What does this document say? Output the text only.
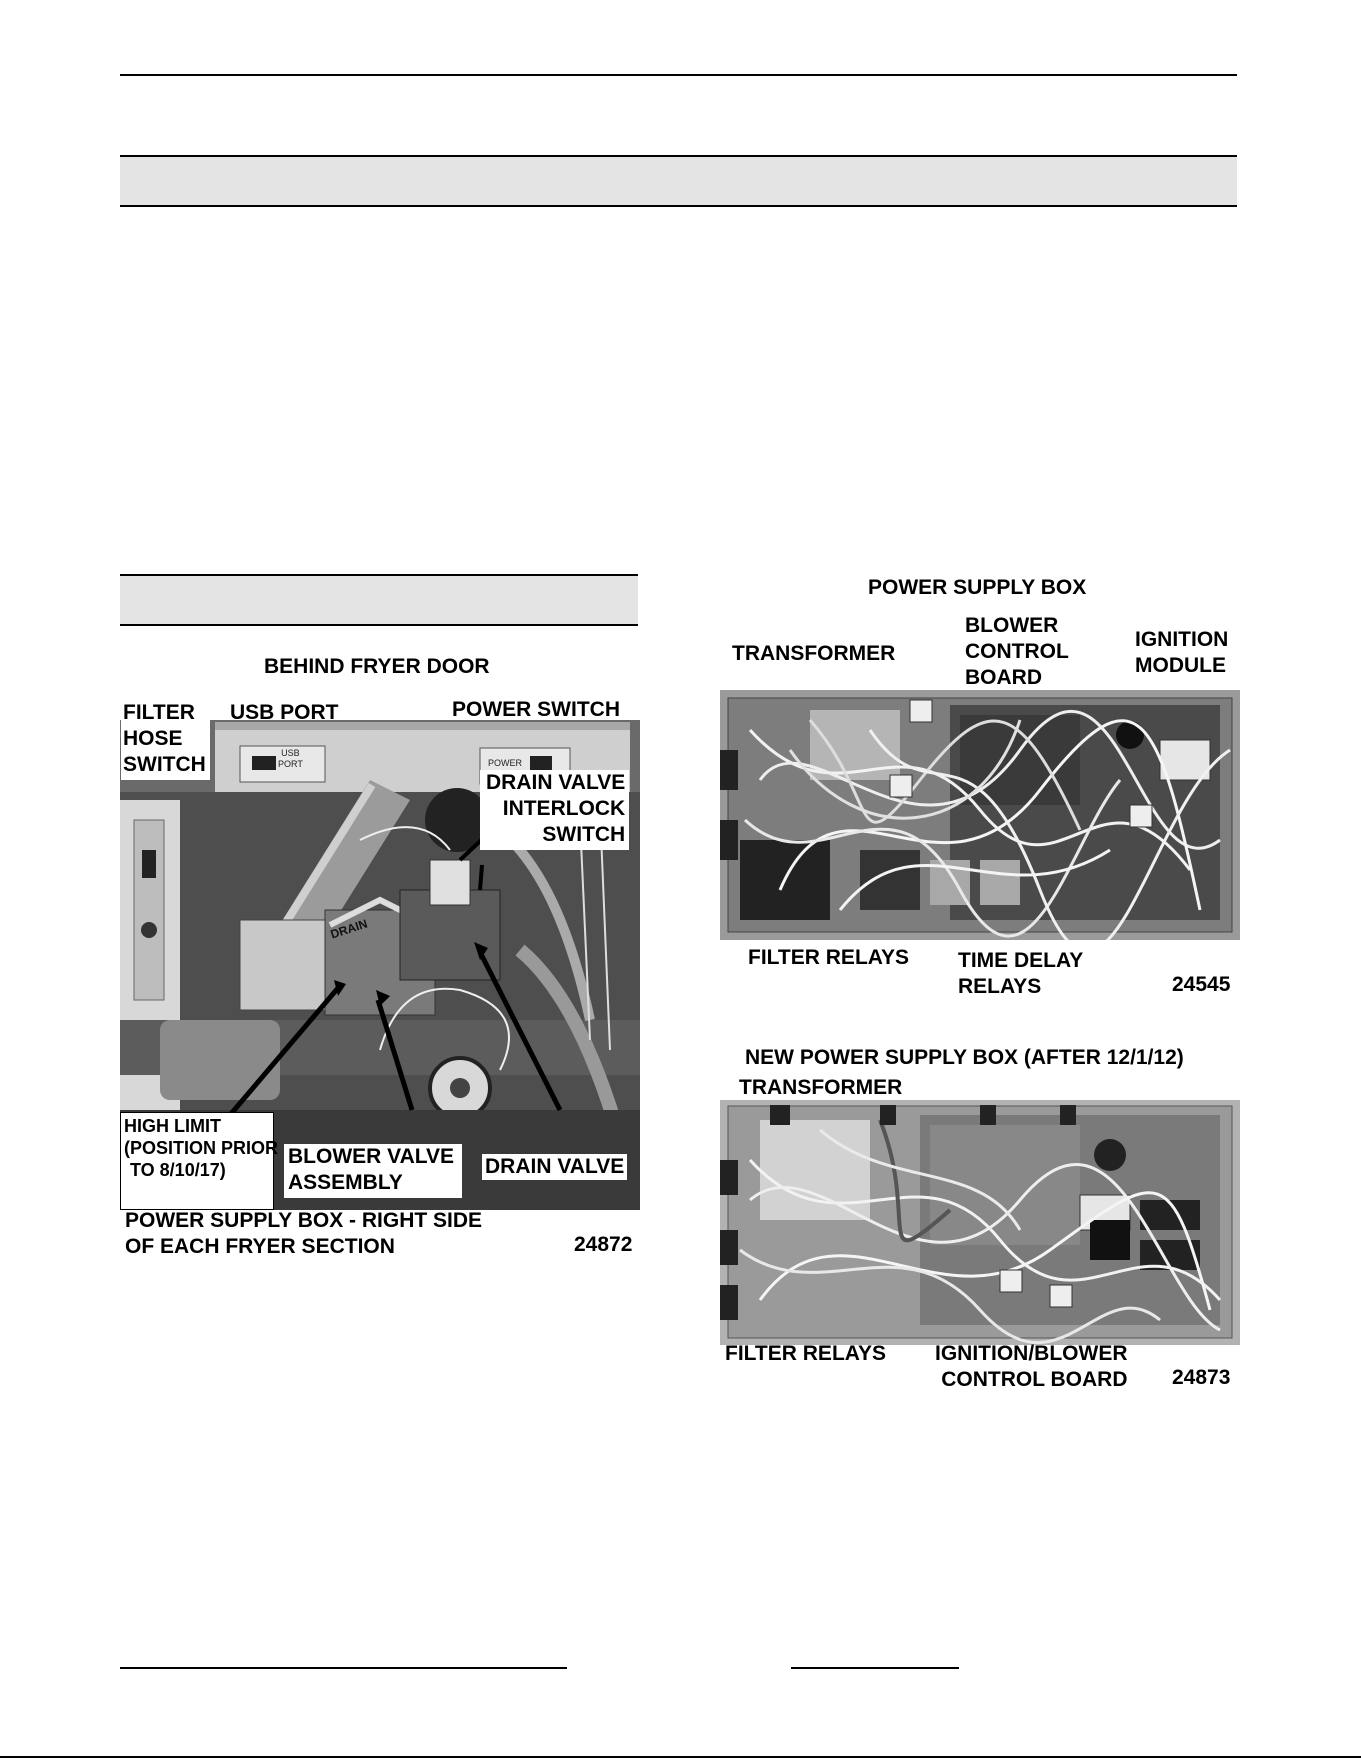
BEHIND FRYER DOOR
USB
PORT	POWER
DRAIN
FILTER
HOSE
SWITCH
USB PORT	POWER SWITCH
DRAIN VALVE
INTERLOCK
SWITCH
HIGH LIMIT
(POSITION PRIOR
TO 8/10/17)
BLOWER VALVE
ASSEMBLY
DRAIN VALVE
POWER SUPPLY BOX - RIGHT SIDE
OF EACH FRYER SECTION	24872
POWER SUPPLY BOX
TRANSFORMER
BLOWER
CONTROL
BOARD
IGNITION
MODULE
FILTER RELAYS TIME DELAY
RELAYS	24545
NEW POWER SUPPLY BOX (AFTER 12/1/12)
TRANSFORMER
FILTER RELAYS IGNITION/BLOWER
CONTROL BOARD 24873
